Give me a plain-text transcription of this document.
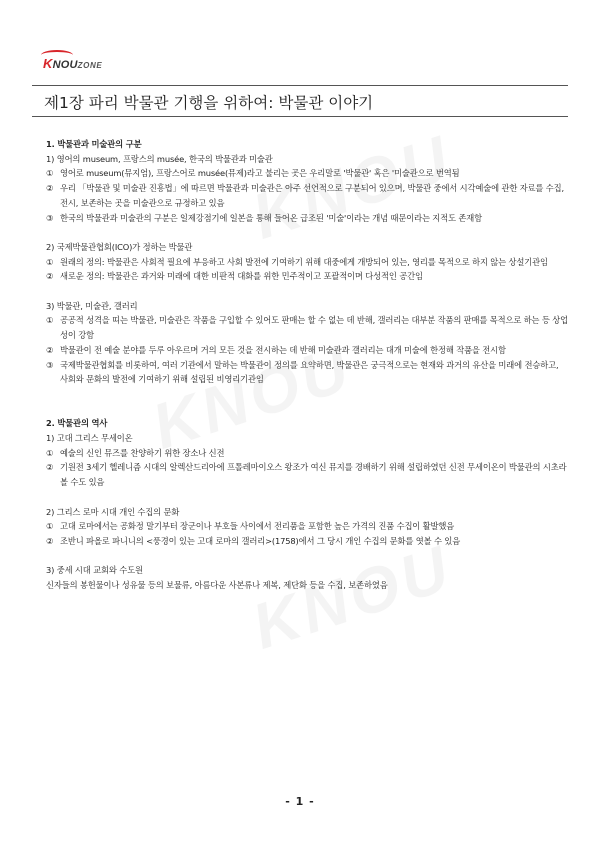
KNOUZONE
제1장 파리 박물관 기행을 위하여: 박물관 이야기
1. 박물관과 미술관의 구분
1) 영어의 museum, 프랑스의 musée, 한국의 박물관과 미술관
① 영어로 museum(뮤지엄), 프랑스어로 musée(뮤제)라고 불리는 곳은 우리말로 '박물관' 혹은 '미술관으로 번역됨
② 우리 「박물관 및 미술관 진흥법」에 따르면 박물관과 미술관은 아주 선언적으로 구분되어 있으며, 박물관 중에서 시각예술에 관한 자료를 수집, 전시, 보존하는 곳을 미술관으로 규정하고 있음
③ 한국의 박물관과 미술관의 구분은 일제강점기에 일본을 통해 들어온 급조된 '미술'이라는 개념 때문이라는 지적도 존재함
2) 국제박물관협회(ICO)가 정하는 박물관
① 원래의 정의: 박물관은 사회적 필요에 부응하고 사회 발전에 기여하기 위해 대중에게 개방되어 있는, 영리를 목적으로 하지 않는 상설기관임
② 새로운 정의: 박물관은 과거와 미래에 대한 비판적 대화를 위한 민주적이고 포괄적이며 다성적인 공간임
3) 박물관, 미술관, 갤러리
① 공공적 성격을 띠는 박물관, 미술관은 작품을 구입할 수 있어도 판매는 할 수 없는 데 반해, 갤러리는 대부분 작품의 판매를 목적으로 하는 등 상업성이 강함
② 박물관이 전 예술 분야를 두루 아우르며 거의 모든 것을 전시하는 데 반해 미술관과 갤러리는 대개 미술에 한정해 작품을 전시함
③ 국제박물관협회를 비롯하여, 여러 기관에서 말하는 박물관이 정의를 요약하면, 박물관은 궁극적으로는 현재와 과거의 유산을 미래에 전승하고, 사회와 문화의 발전에 기여하기 위해 설립된 비영리기관임
2. 박물관의 역사
1) 고대 그리스 무세이온
① 예술의 신인 뮤즈를 찬양하기 위한 장소나 신전
② 기원전 3세기 헬레니즘 시대의 알렉산드리아에 프톨레마이오스 왕조가 여신 뮤지를 경배하기 위해 설립하였던 신전 무세이온이 박물관의 시초라 볼 수도 있음
2) 그리스 로마 시대 개인 수집의 문화
① 고대 로마에서는 공화정 말기부터 장군이나 부호들 사이에서 전리품을 포함한 높은 가격의 진품 수집이 활발했음
② 조반니 파올로 파니니의 <풍경이 있는 고대 로마의 갤러리>(1758)에서 그 당시 개인 수집의 문화를 엿볼 수 있음
3) 중세 시대 교회와 수도원
신자들의 봉헌물이나 성유물 등의 보물류, 아름다운 사본류나 제복, 제단화 등을 수집, 보존하였음
- 1 -
